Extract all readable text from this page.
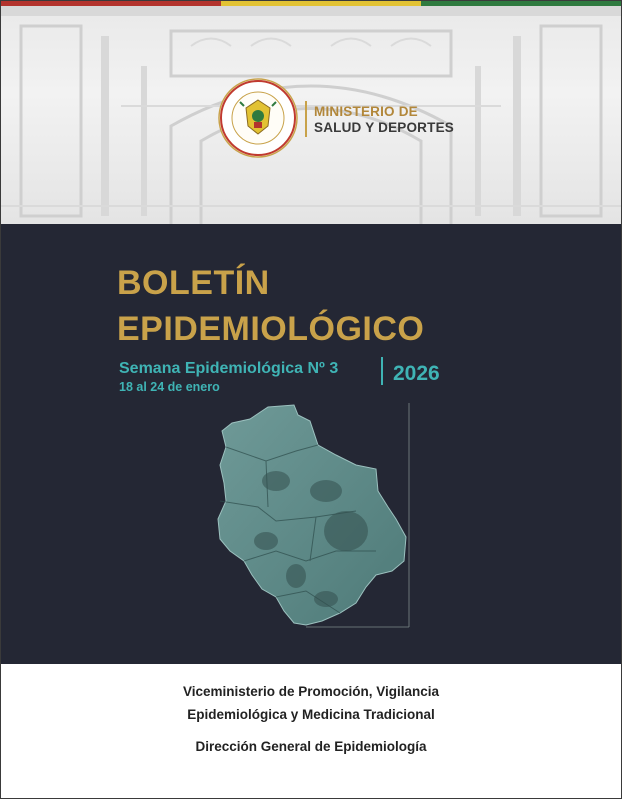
MINISTERIO DE
SALUD Y DEPORTES
BOLETÍN
EPIDEMIOLÓGICO
Semana Epidemiológica Nº 3
18 al 24 de enero
2026
Viceministerio de Promoción, Vigilancia
Epidemiológica y Medicina Tradicional
Dirección General de Epidemiología
